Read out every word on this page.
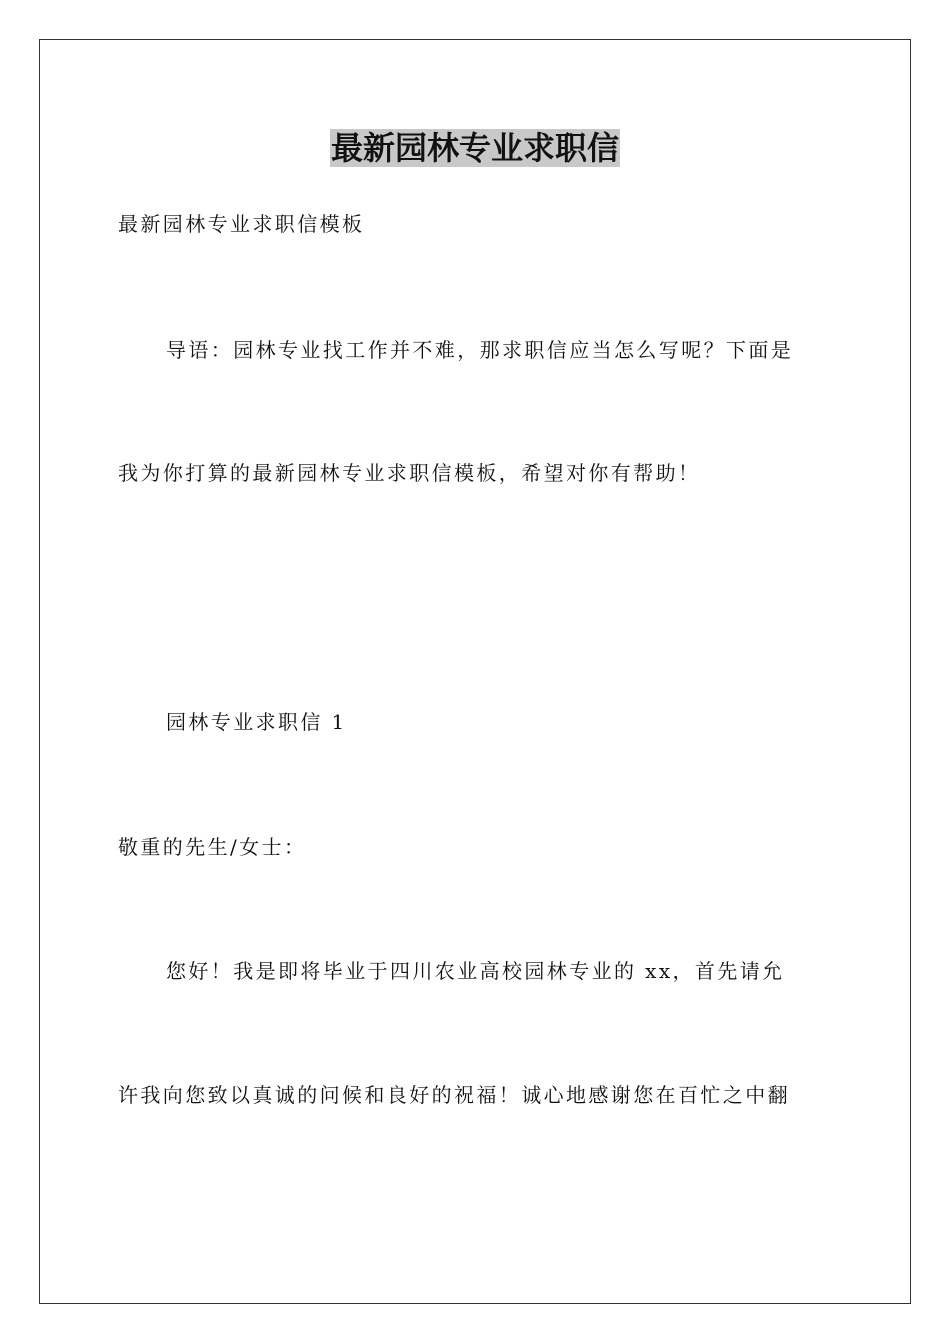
最新园林专业求职信

最新园林专业求职信模板

导语：园林专业找工作并不难，那求职信应当怎么写呢？下面是

我为你打算的最新园林专业求职信模板，希望对你有帮助！

园林专业求职信 1

敬重的先生/女士：

您好！我是即将毕业于四川农业高校园林专业的 xx，首先请允

许我向您致以真诚的问候和良好的祝福！诚心地感谢您在百忙之中翻
